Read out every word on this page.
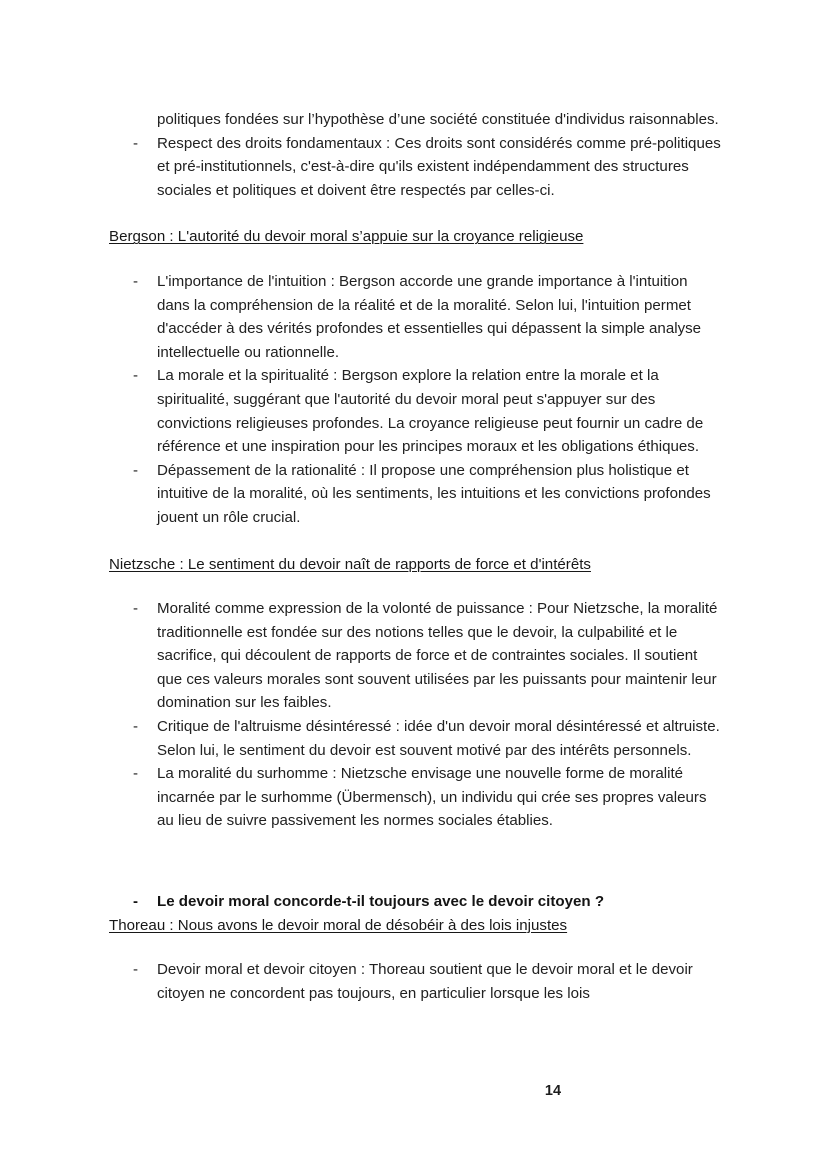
politiques fondées sur l’hypothèse d’une société constituée d'individus raisonnables.

-	Respect des droits fondamentaux : Ces droits sont considérés comme pré-politiques et pré-institutionnels, c'est-à-dire qu'ils existent indépendamment des structures sociales et politiques et doivent être respectés par celles-ci.

Bergson : L'autorité du devoir moral s’appuie sur la croyance religieuse

-	L'importance de l'intuition : Bergson accorde une grande importance à l'intuition dans la compréhension de la réalité et de la moralité. Selon lui, l'intuition permet d'accéder à des vérités profondes et essentielles qui dépassent la simple analyse intellectuelle ou rationnelle.
-	La morale et la spiritualité : Bergson explore la relation entre la morale et la spiritualité, suggérant que l'autorité du devoir moral peut s'appuyer sur des convictions religieuses profondes. La croyance religieuse peut fournir un cadre de référence et une inspiration pour les principes moraux et les obligations éthiques.
-	Dépassement de la rationalité : Il propose une compréhension plus holistique et intuitive de la moralité, où les sentiments, les intuitions et les convictions profondes jouent un rôle crucial.

Nietzsche : Le sentiment du devoir naît de rapports de force et d'intérêts

-	Moralité comme expression de la volonté de puissance : Pour Nietzsche, la moralité traditionnelle est fondée sur des notions telles que le devoir, la culpabilité et le sacrifice, qui découlent de rapports de force et de contraintes sociales. Il soutient que ces valeurs morales sont souvent utilisées par les puissants pour maintenir leur domination sur les faibles.
-	Critique de l'altruisme désintéressé : idée d'un devoir moral désintéressé et altruiste. Selon lui, le sentiment du devoir est souvent motivé par des intérêts personnels.
-	La moralité du surhomme : Nietzsche envisage une nouvelle forme de moralité incarnée par le surhomme (Übermensch), un individu qui crée ses propres valeurs au lieu de suivre passivement les normes sociales établies.

- Le devoir moral concorde-t-il toujours avec le devoir citoyen ?

Thoreau : Nous avons le devoir moral de désobéir à des lois injustes

-	Devoir moral et devoir citoyen : Thoreau soutient que le devoir moral et le devoir citoyen ne concordent pas toujours, en particulier lorsque les lois
14
